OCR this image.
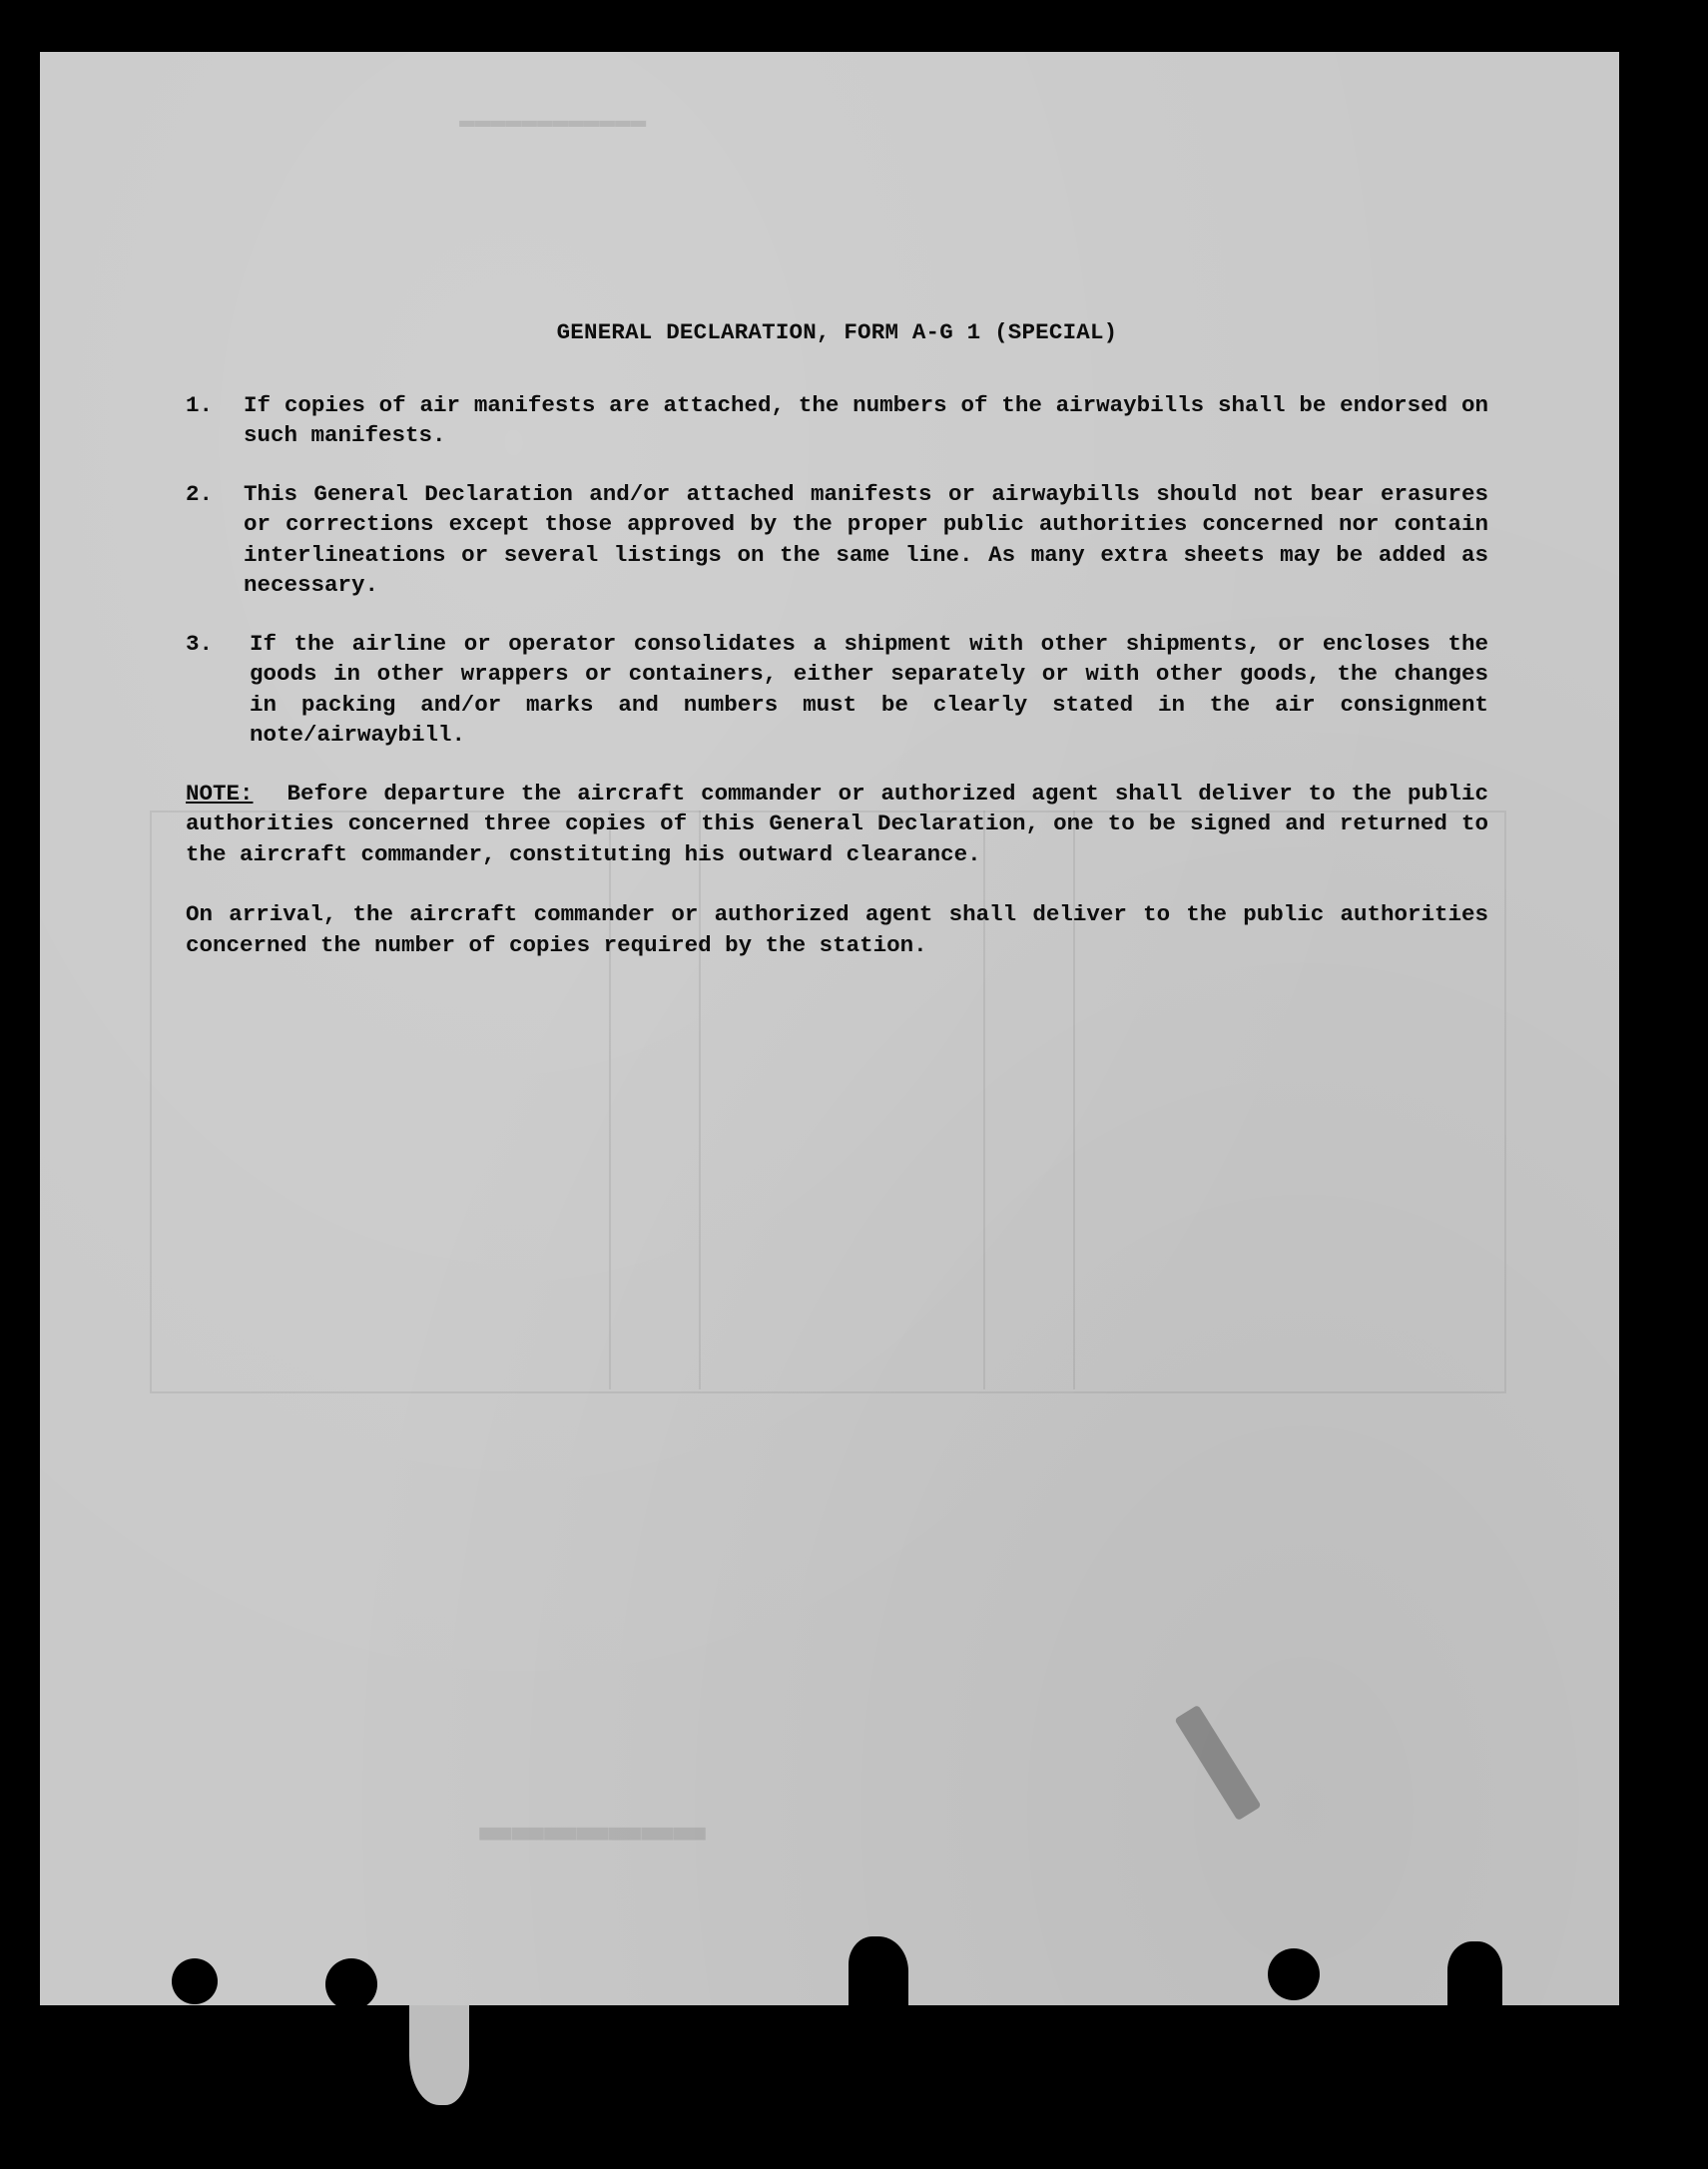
▬▬▬▬▬▬▬▬▬▬▬▬
▬▬▬▬▬▬▬
GENERAL DECLARATION, FORM A-G 1 (SPECIAL)
1. If copies of air manifests are attached, the numbers of the airwaybills shall be endorsed on such manifests.
2. This General Declaration and/or attached manifests or airwaybills should not bear erasures or corrections except those approved by the proper public authorities concerned nor contain interlineations or several listings on the same line. As many extra sheets may be added as necessary.
3. If the airline or operator consolidates a shipment with other shipments, or encloses the goods in other wrappers or containers, either separately or with other goods, the changes in packing and/or marks and numbers must be clearly stated in the air consignment note/airwaybill.
NOTE: Before departure the aircraft commander or authorized agent shall deliver to the public authorities concerned three copies of this General Declaration, one to be signed and returned to the aircraft commander, constituting his outward clearance.
On arrival, the aircraft commander or authorized agent shall deliver to the public authorities concerned the number of copies required by the station.
